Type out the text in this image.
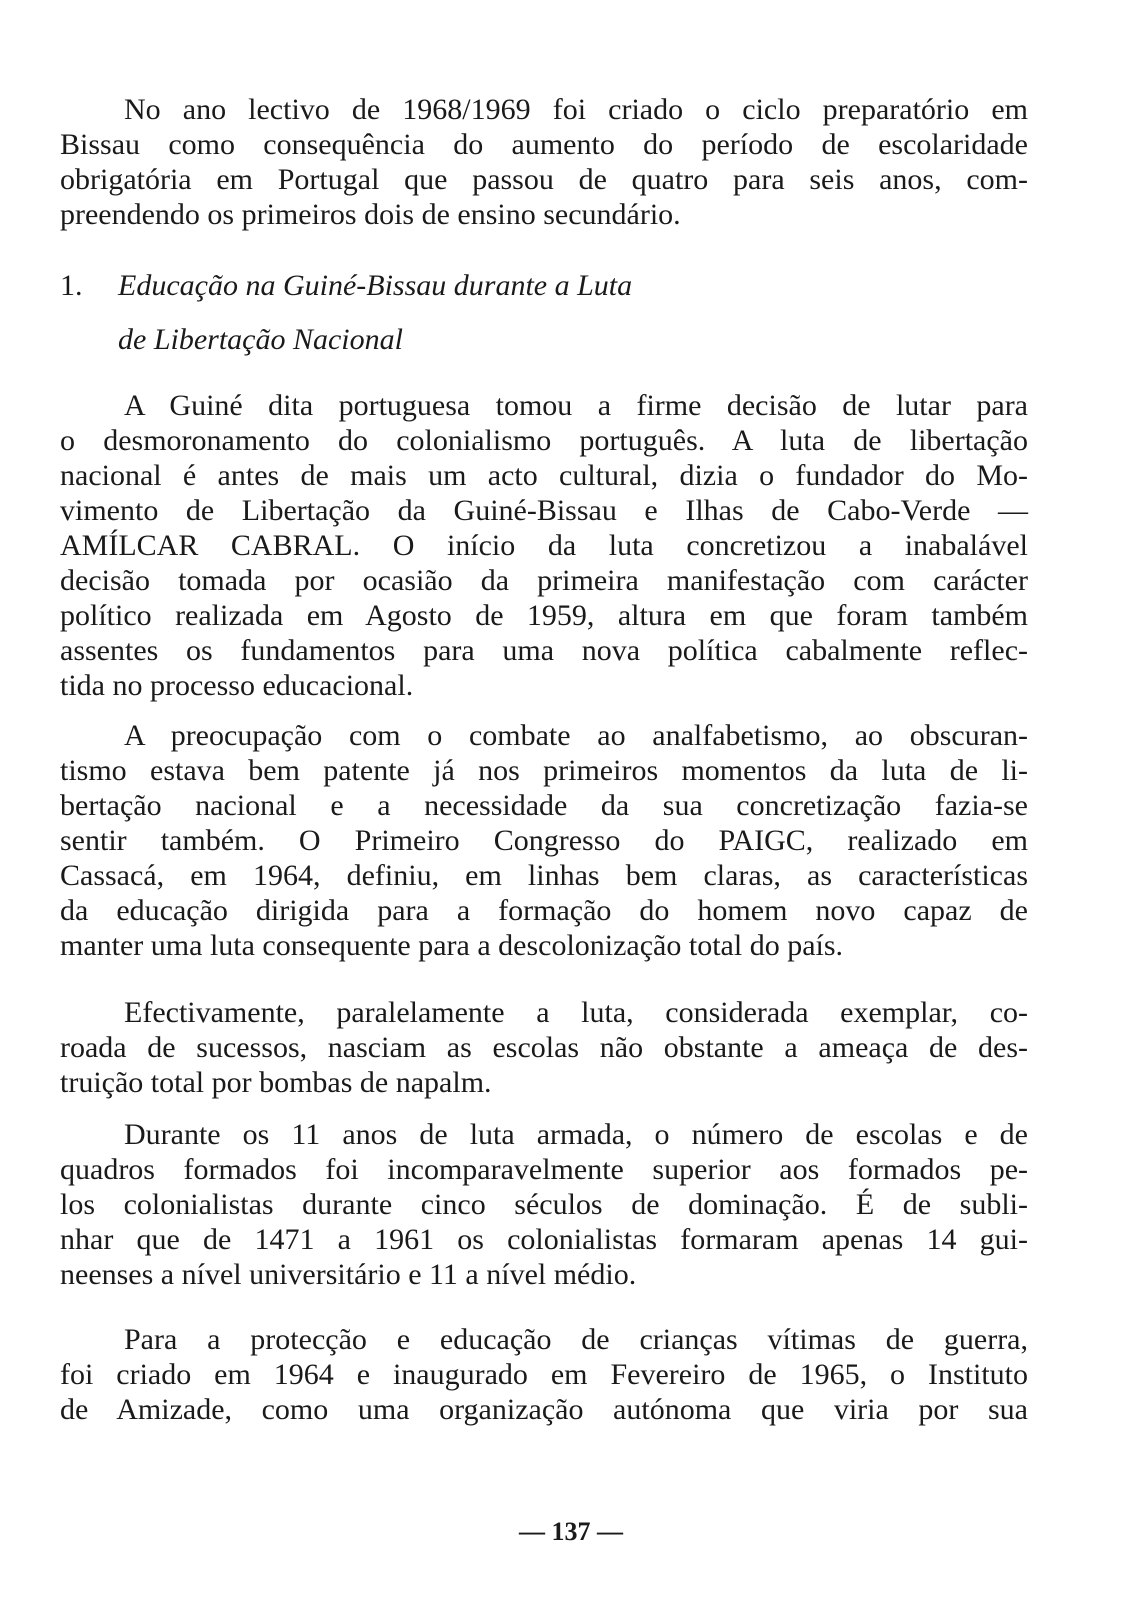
No ano lectivo de 1968/1969 foi criado o ciclo preparatório em
Bissau como consequência do aumento do período de escolaridade
obrigatória em Portugal que passou de quatro para seis anos, com-
preendendo os primeiros dois de ensino secundário.
1. Educação na Guiné-Bissau durante a Luta
de Libertação Nacional
A Guiné dita portuguesa tomou a firme decisão de lutar para
o desmoronamento do colonialismo português. A luta de libertação
nacional é antes de mais um acto cultural, dizia o fundador do Mo-
vimento de Libertação da Guiné-Bissau e Ilhas de Cabo-Verde —
AMÍLCAR CABRAL. O início da luta concretizou a inabalável
decisão tomada por ocasião da primeira manifestação com carácter
político realizada em Agosto de 1959, altura em que foram também
assentes os fundamentos para uma nova política cabalmente reflec-
tida no processo educacional.
A preocupação com o combate ao analfabetismo, ao obscuran-
tismo estava bem patente já nos primeiros momentos da luta de li-
bertação nacional e a necessidade da sua concretização fazia-se
sentir também. O Primeiro Congresso do PAIGC, realizado em
Cassacá, em 1964, definiu, em linhas bem claras, as características
da educação dirigida para a formação do homem novo capaz de
manter uma luta consequente para a descolonização total do país.
Efectivamente, paralelamente a luta, considerada exemplar, co-
roada de sucessos, nasciam as escolas não obstante a ameaça de des-
truição total por bombas de napalm.
Durante os 11 anos de luta armada, o número de escolas e de
quadros formados foi incomparavelmente superior aos formados pe-
los colonialistas durante cinco séculos de dominação. É de subli-
nhar que de 1471 a 1961 os colonialistas formaram apenas 14 gui-
neenses a nível universitário e 11 a nível médio.
Para a protecção e educação de crianças vítimas de guerra,
foi criado em 1964 e inaugurado em Fevereiro de 1965, o Instituto
de Amizade, como uma organização autónoma que viria por sua
— 137 —
